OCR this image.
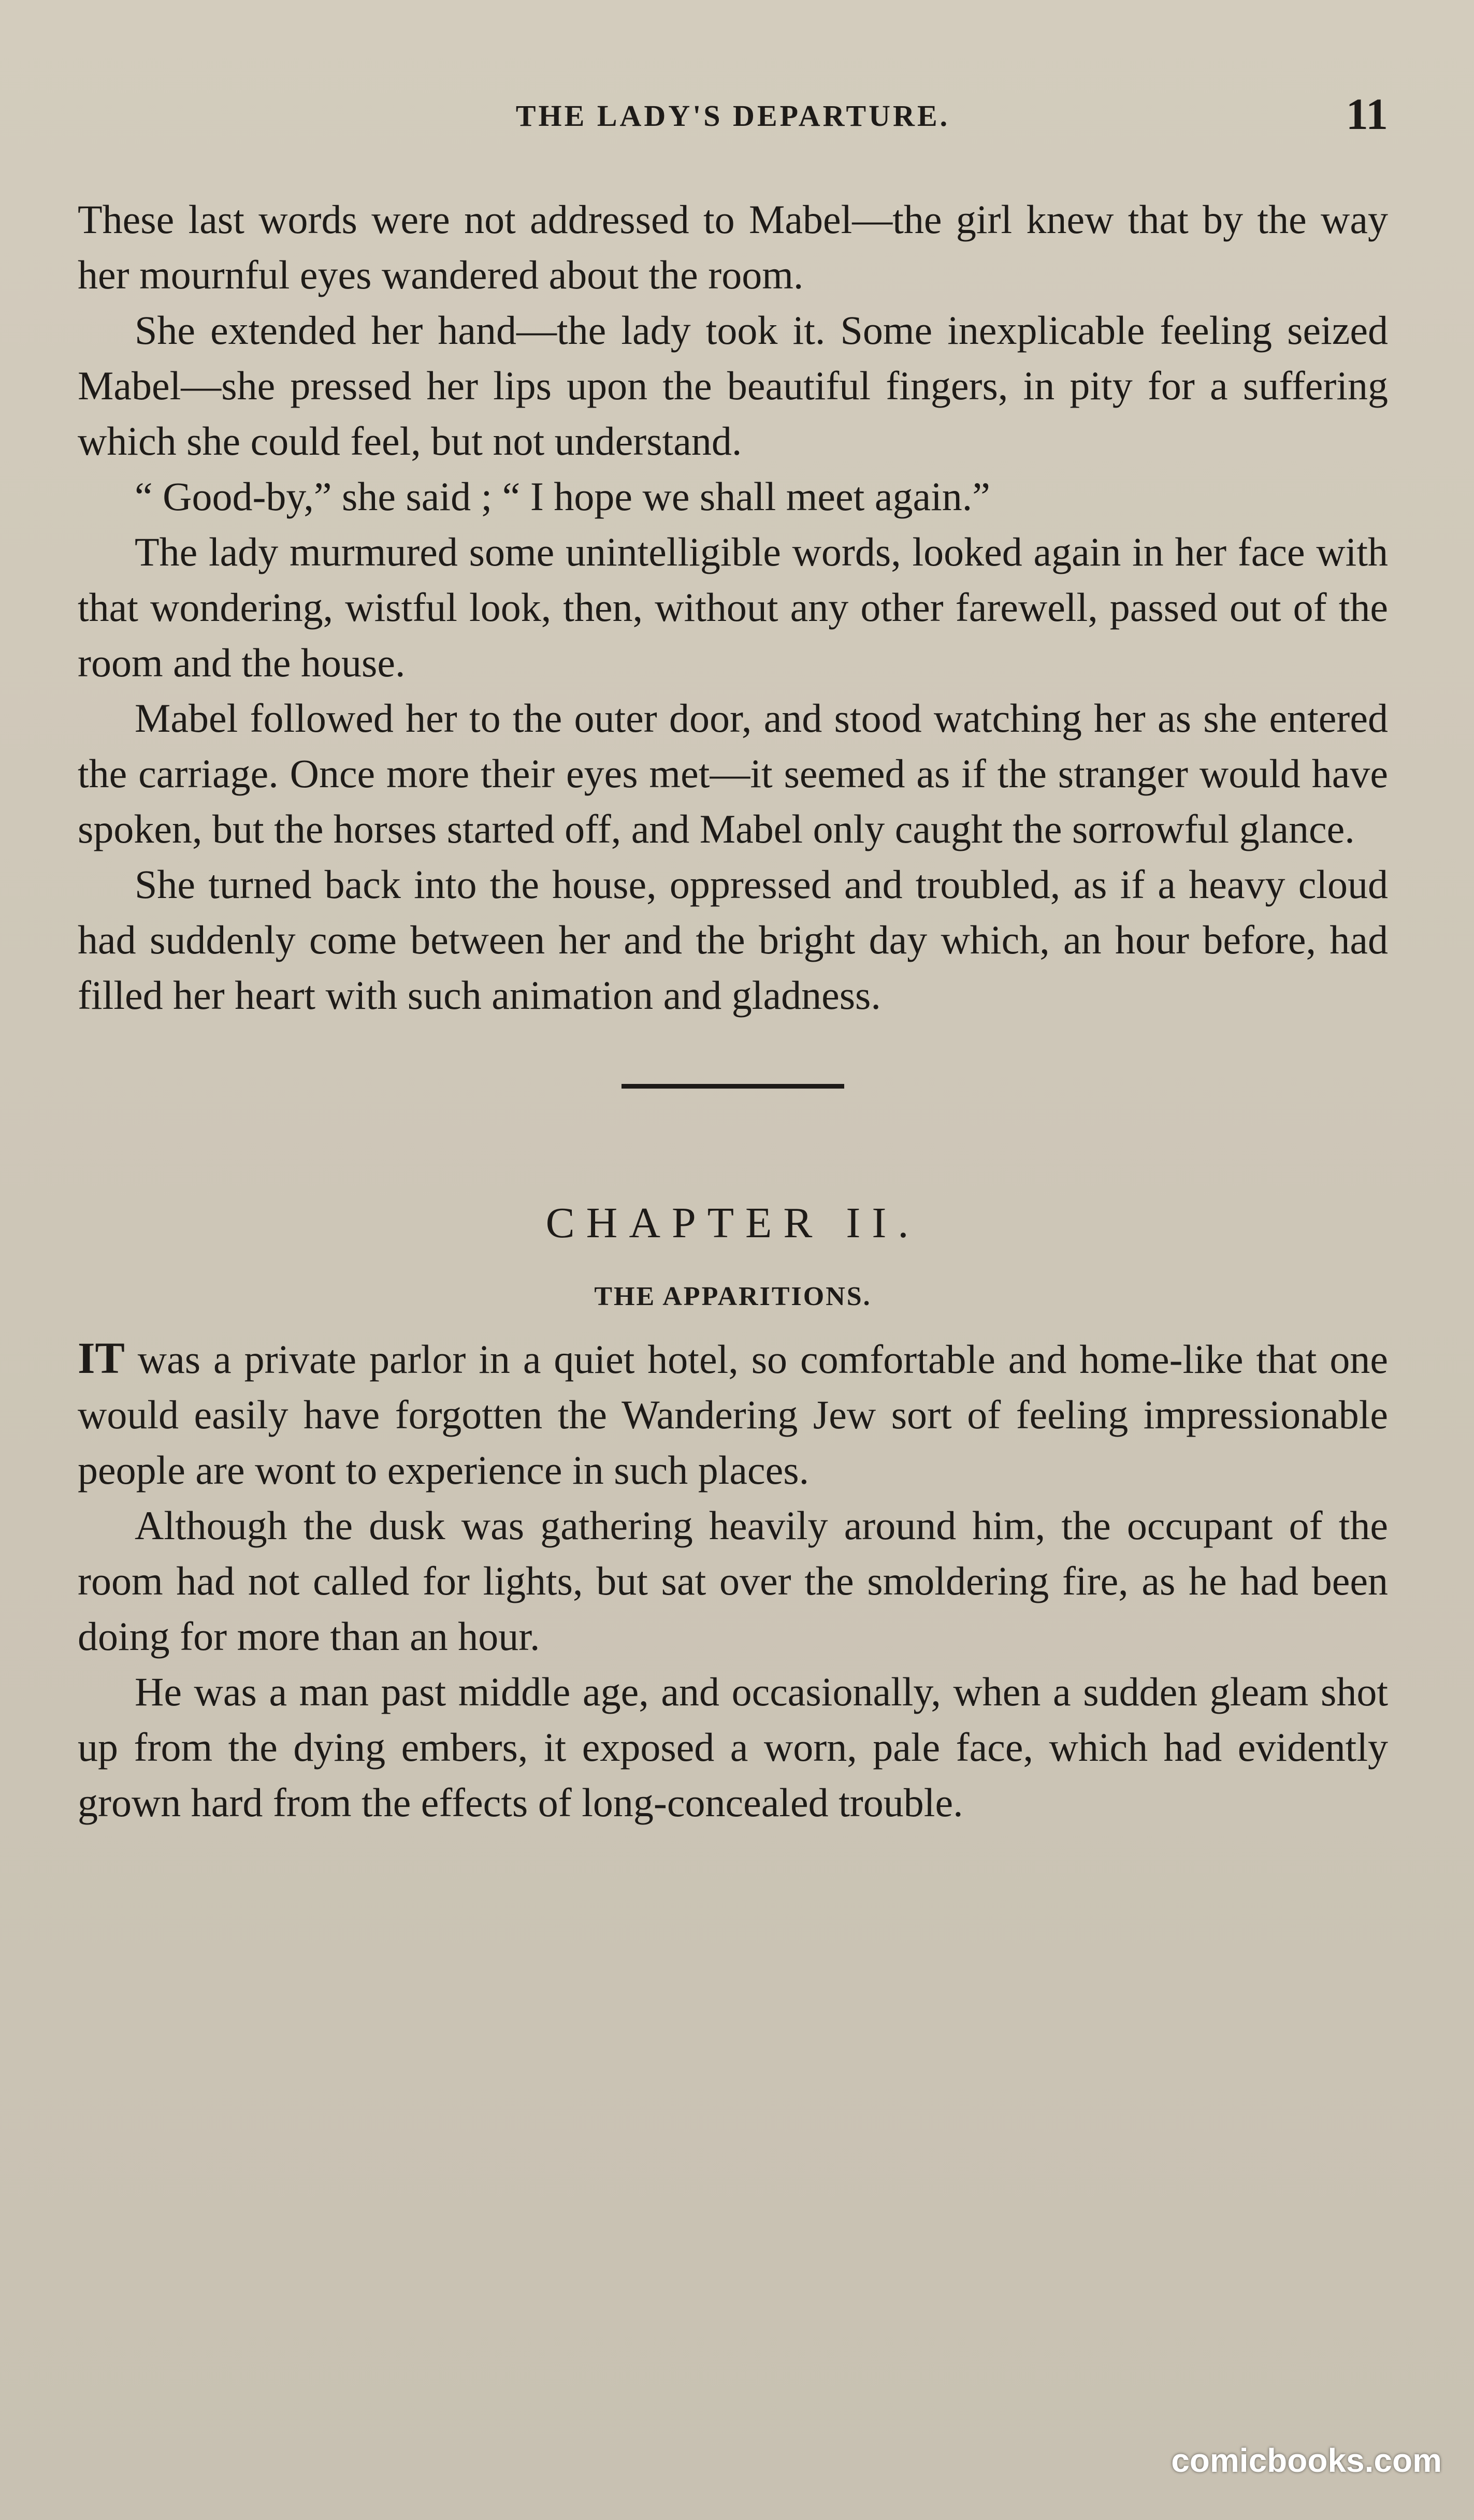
THE LADY'S DEPARTURE.	11

These last words were not addressed to Mabel—the girl knew that by the way her mournful eyes wandered about the room.

She extended her hand—the lady took it. Some inexplicable feeling seized Mabel—she pressed her lips upon the beautiful fingers, in pity for a suffering which she could feel, but not understand.

“ Good-by,” she said ; “ I hope we shall meet again.”

The lady murmured some unintelligible words, looked again in her face with that wondering, wistful look, then, without any other farewell, passed out of the room and the house.

Mabel followed her to the outer door, and stood watching her as she entered the carriage. Once more their eyes met—it seemed as if the stranger would have spoken, but the horses started off, and Mabel only caught the sorrowful glance.

She turned back into the house, oppressed and troubled, as if a heavy cloud had suddenly come between her and the bright day which, an hour before, had filled her heart with such animation and gladness.

CHAPTER II.
THE APPARITIONS.

IT was a private parlor in a quiet hotel, so comfortable and home-like that one would easily have forgotten the Wandering Jew sort of feeling impressionable people are wont to experience in such places.

Although the dusk was gathering heavily around him, the occupant of the room had not called for lights, but sat over the smoldering fire, as he had been doing for more than an hour.

He was a man past middle age, and occasionally, when a sudden gleam shot up from the dying embers, it exposed a worn, pale face, which had evidently grown hard from the effects of long-concealed trouble.

comicbooks.com
